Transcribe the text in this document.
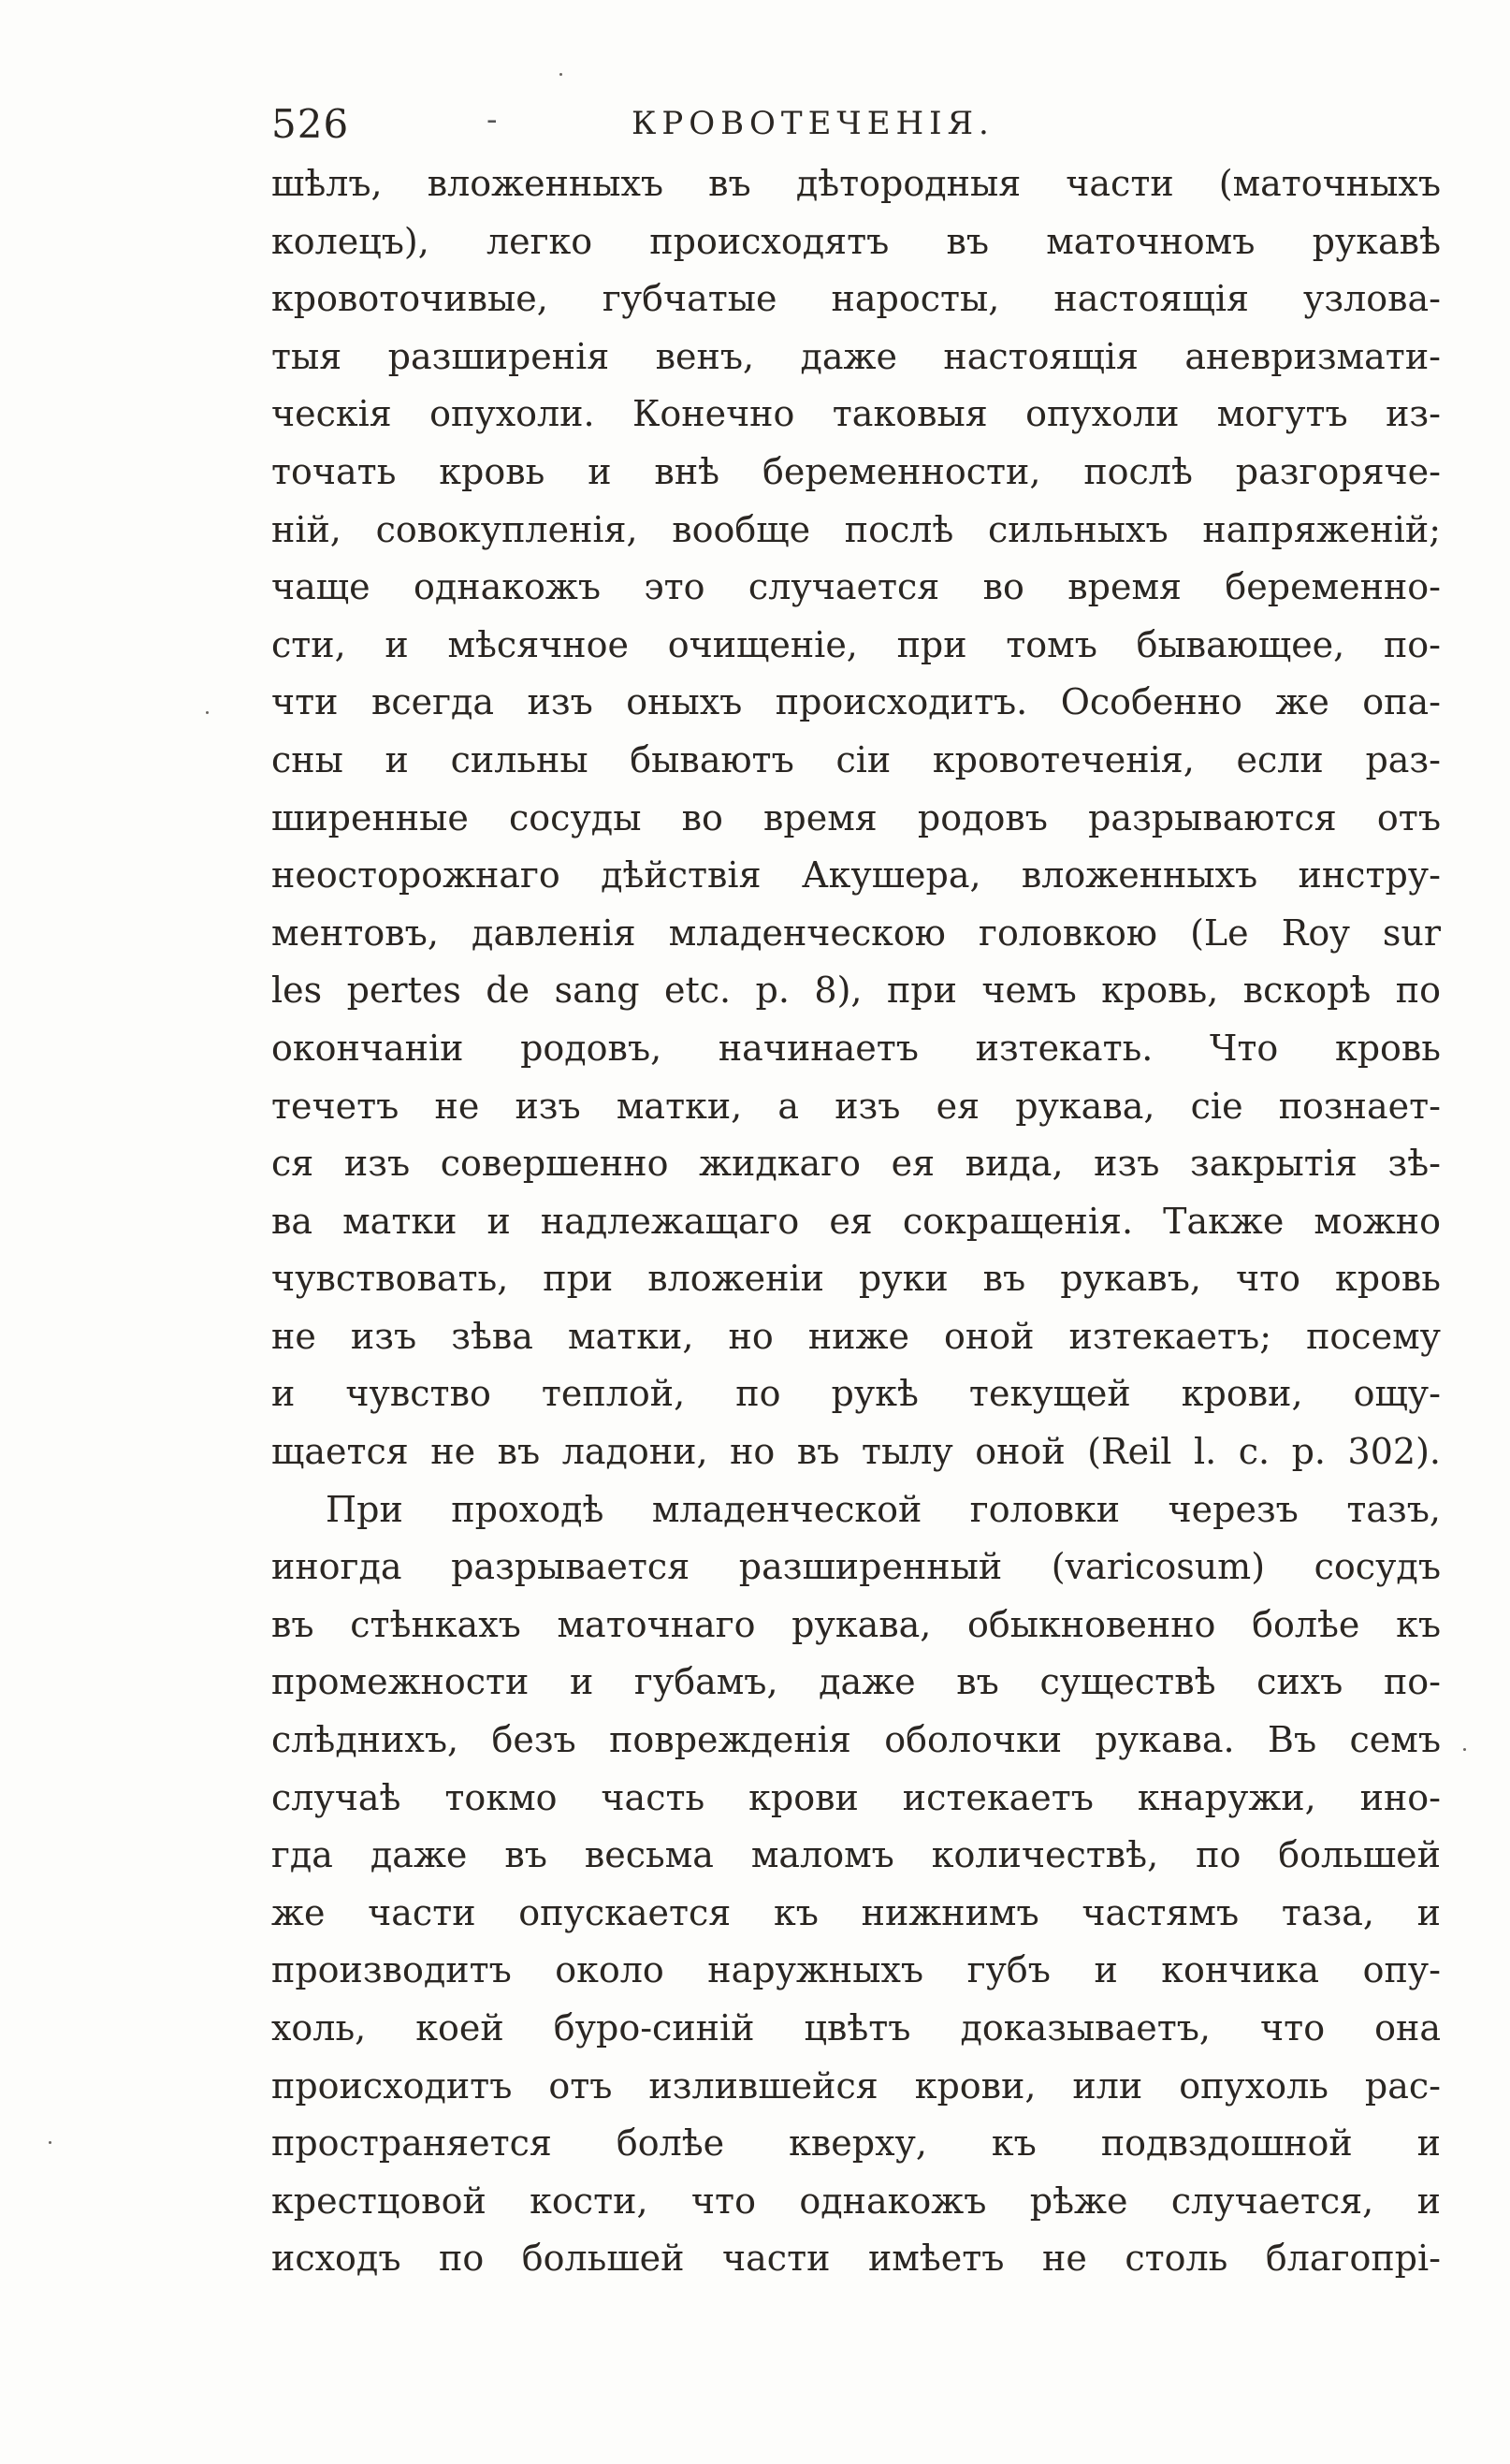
526	-	КРОВОТЕЧЕНІЯ.
шѣлъ, вложенныхъ въ дѣтородныя части (маточныхъ
колецъ), легко происходятъ въ маточномъ рукавѣ
кровоточивые, губчатые наросты, настоящія узлова-
тыя разширенія венъ, даже настоящія аневризмати-
ческія опухоли. Конечно таковыя опухоли могутъ из-
точать кровь и внѣ беременности, послѣ разгоряче-
ній, совокупленія, вообще послѣ сильныхъ напряженій;
чаще однакожъ это случается во время беременно-
сти, и мѣсячное очищеніе, при томъ бывающее, по-
чти всегда изъ оныхъ происходитъ. Особенно же опа-
сны и сильны бываютъ сіи кровотеченія, если раз-
ширенные сосуды во время родовъ разрываются отъ
неосторожнаго дѣйствія Акушера, вложенныхъ инстру-
ментовъ, давленія младенческою головкою (Le Roy sur
les pertes de sang etc. p. 8), при чемъ кровь, вскорѣ по
окончаніи родовъ, начинаетъ изтекать. Что кровь
течетъ не изъ матки, а изъ ея рукава, сіе познает-
ся изъ совершенно жидкаго ея вида, изъ закрытія зѣ-
ва матки и надлежащаго ея сокращенія. Также можно
чувствовать, при вложеніи руки въ рукавъ, что кровь
не изъ зѣва матки, но ниже оной изтекаетъ; посему
и чувство теплой, по рукѣ текущей крови, ощу-
щается не въ ладони, но въ тылу оной (Reil l. c. p. 302).
При проходѣ младенческой головки черезъ тазъ,
иногда разрывается разширенный (varicosum) сосудъ
въ стѣнкахъ маточнаго рукава, обыкновенно болѣе къ
промежности и губамъ, даже въ существѣ сихъ по-
слѣднихъ, безъ поврежденія оболочки рукава. Въ семъ
случаѣ токмо часть крови истекаетъ кнаружи, ино-
гда даже въ весьма маломъ количествѣ, по большей
же части опускается къ нижнимъ частямъ таза, и
производитъ около наружныхъ губъ и кончика опу-
холь, коей буро-синій цвѣтъ доказываетъ, что она
происходитъ отъ излившейся крови, или опухоль рас-
пространяется болѣе кверху, къ подвздошной и
крестцовой кости, что однакожъ рѣже случается, и
исходъ по большей части имѣетъ не столь благопрі-
